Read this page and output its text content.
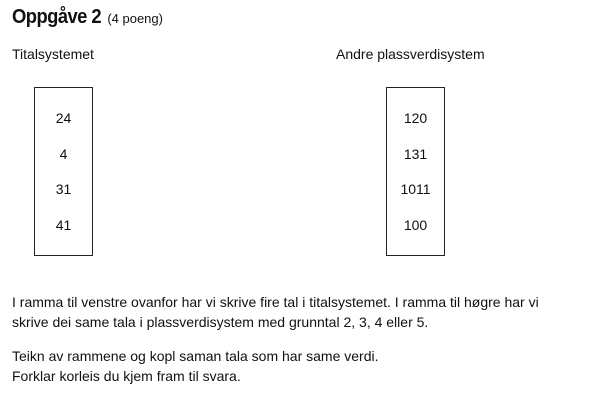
Oppgåve 2 (4 poeng)
Titalsystemet	Andre plassverdisystem
24
4
31
41
120
131
1011
100
I ramma til venstre ovanfor har vi skrive fire tal i titalsystemet. I ramma til høgre har vi
skrive dei same tala i plassverdisystem med grunntal 2, 3, 4 eller 5.
Teikn av rammene og kopl saman tala som har same verdi.
Forklar korleis du kjem fram til svara.
